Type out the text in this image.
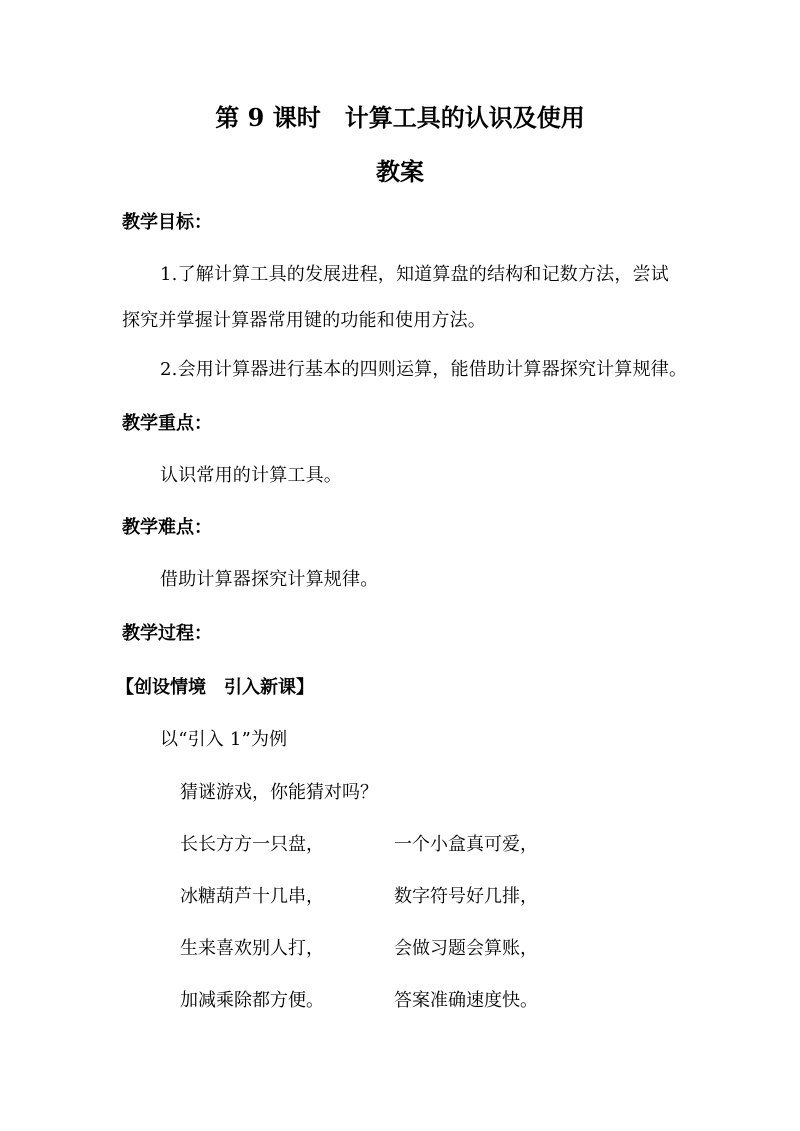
第 9 课时　计算工具的认识及使用
教案
教学目标：
1.了解计算工具的发展进程，知道算盘的结构和记数方法，尝试
探究并掌握计算器常用键的功能和使用方法。
2.会用计算器进行基本的四则运算，能借助计算器探究计算规律。
教学重点：
认识常用的计算工具。
教学难点：
借助计算器探究计算规律。
教学过程：
【创设情境　引入新课】
以“引入 1”为例
猜谜游戏，你能猜对吗？
长长方方一只盘，	一个小盒真可爱，
冰糖葫芦十几串，	数字符号好几排，
生来喜欢别人打，	会做习题会算账，
加减乘除都方便。	答案准确速度快。
